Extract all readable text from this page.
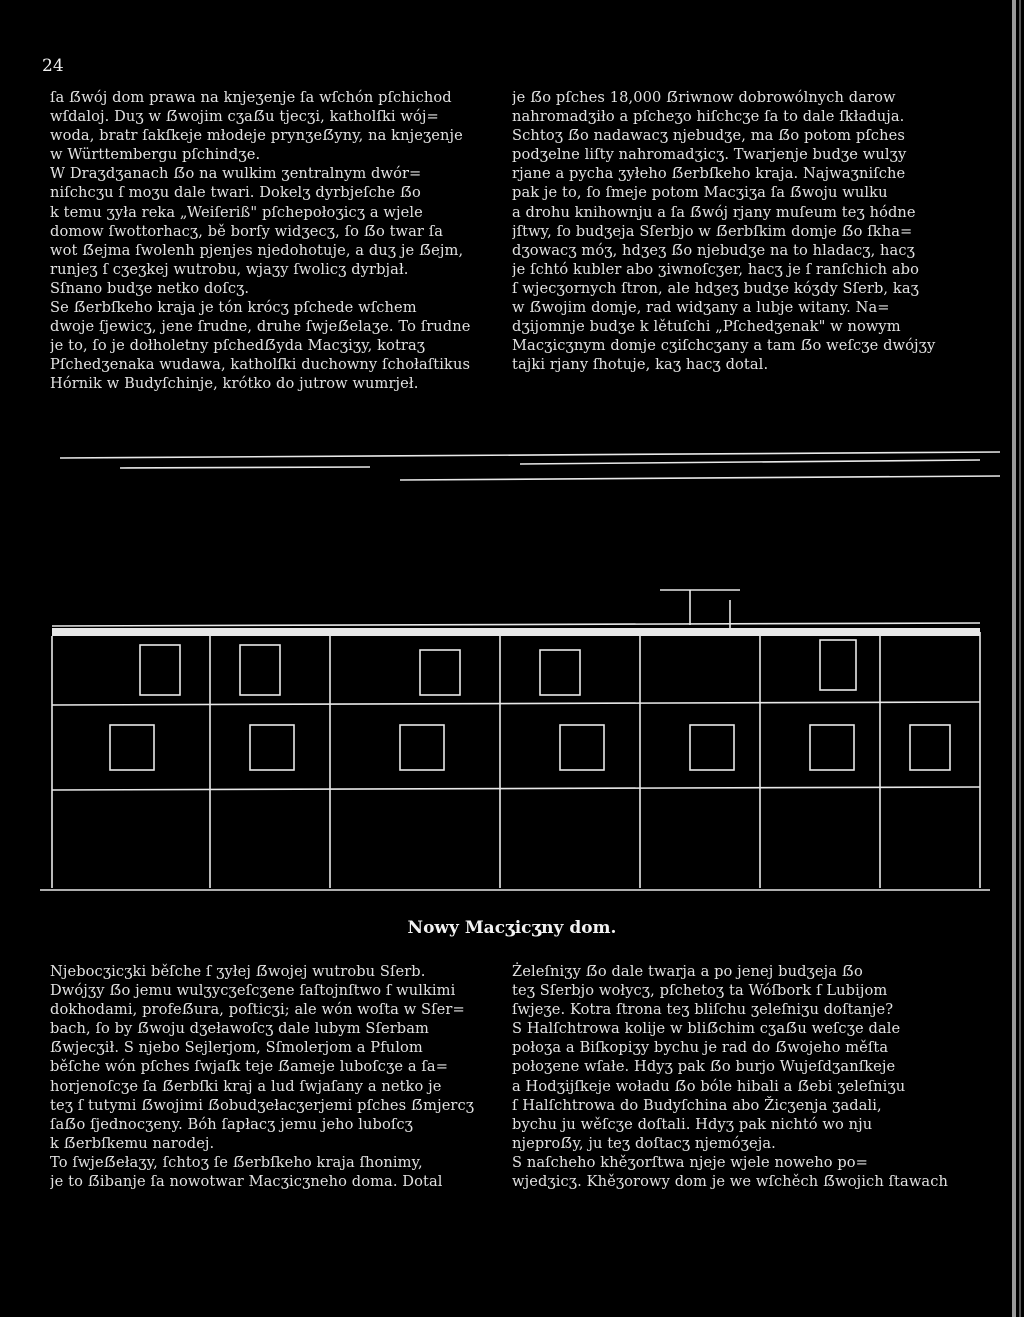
24

ſa ẞwój dom prawa na knjeʒenje ſa wſchón pſchichod

wſdaloj. Duʒ w ẞwojim cʒaẞu tjecʒi, katholſki wój=

woda, bratr ſakſkeje młodeje prynʒeẞyny, na knjeʒenje

w Württembergu pſchindʒe.

W Draʒdʒanach ẞo na wulkim ʒentralnym dwór=

niſchcʒu ſ moʒu dale twari. Dokelʒ dyrbjeſche ẞo

k temu ʒyła reka „Weiſeriß" pſchepołoʒicʒ a wjele

domow ſwottorhacʒ, bě borſy widʒecʒ, ſo ẞo twar ſa

wot ẞejma ſwolenh pjenjes njedohotuje, a duʒ je ẞejm,

runjeʒ ſ cʒeʒkej wutrobu, wjaʒy ſwolicʒ dyrbjał.

Sſnano budʒe netko doſcʒ.

Se ẞerbſkeho kraja je tón krócʒ pſchede wſchem

dwoje ſjewicʒ, jene ſrudne, druhe ſwjeẞelaʒe. To ſrudne

je to, ſo je dołholetny pſchedẞyda Macʒiʒy, kotraʒ

Pſchedʒenaka wudawa, katholſki duchowny ſchołaſtikus

Hórnik w Budyſchinje, krótko do jutrow wumrjeł.

je ẞo pſches 18,000 ẞriwnow dobrowólnych darow

nahromadʒiło a pſcheʒo hiſchcʒe ſa to dale ſkładuja.

Schtoʒ ẞo nadawacʒ njebudʒe, ma ẞo potom pſches

podʒelne liſty nahromadʒicʒ. Twarjenje budʒe wulʒy

rjane a pycha ʒyłeho ẞerbſkeho kraja. Najwaʒniſche

pak je to, ſo ſmeje potom Macʒiʒa ſa ẞwoju wulku

a drohu knihownju a ſa ẞwój rjany muſeum teʒ hódne

jſtwy, ſo budʒeja Sſerbjo w ẞerbſkim domje ẞo ſkha=

dʒowacʒ móʒ, hdʒeʒ ẞo njebudʒe na to hladacʒ, hacʒ

je ſchtó kubler abo ʒiwnoſcʒer, hacʒ je ſ ranſchich abo

ſ wjecʒornych ſtron, ale hdʒeʒ budʒe kóʒdy Sſerb, kaʒ

w ẞwojim domje, rad widʒany a lubje witany. Na=

dʒijomnje budʒe k lětuſchi „Pſchedʒenak" w nowym

Macʒicʒnym domje cʒiſchcʒany a tam ẞo weſcʒe dwójʒy

tajki rjany ſhotuje, kaʒ hacʒ dotal.

Nowy Macʒicʒny dom.

Njebocʒicʒki běſche ſ ʒyłej ẞwojej wutrobu Sſerb.

Dwójʒy ẞo jemu wulʒycʒeſcʒene ſaſtojnſtwo ſ wulkimi

dokhodami, profeẞura, poſticʒi; ale wón woſta w Sſer=

bach, ſo by ẞwoju dʒeławoſcʒ dale lubym Sſerbam

ẞwjecʒił. S njebo Sejlerjom, Sſmolerjom a Pfulom

běſche wón pſches ſwjaſk teje ẞameje luboſcʒe a ſa=

horjenoſcʒe ſa ẞerbſki kraj a lud ſwjaſany a netko je

teʒ ſ tutymi ẞwojimi ẞobudʒełacʒerjemi pſches ẞmjercʒ

ſaẞo ſjednocʒeny. Bóh ſapłacʒ jemu jeho luboſcʒ

k ẞerbſkemu narodej.

To ſwjeẞełaʒy, ſchtoʒ ſe ẞerbſkeho kraja ſhonimy,

je to ẞibanje ſa nowotwar Macʒicʒneho doma. Dotal

Żeleſniʒy ẞo dale twarja a po jenej budʒeja ẞo

teʒ Sſerbjo wołycʒ, pſchetoʒ ta Wóſbork ſ Lubijom

ſwjeʒe. Kotra ſtrona teʒ bliſchu ʒeleſniʒu doſtanje?

S Halſchtrowa kolije w bliẞchim cʒaẞu weſcʒe dale

połoʒa a Biſkopiʒy bychu je rad do ẞwojeho měſta

połoʒene wſałe. Hdyʒ pak ẞo burjo Wujeſdʒanſkeje

a Hodʒijſkeje woładu ẞo bóle hibali a ẞebi ʒeleſniʒu

ſ Halſchtrowa do Budyſchina abo Žicʒenja ʒadali,

bychu ju wěſcʒe doſtali. Hdyʒ pak nichtó wo nju

njeproẞy, ju teʒ doſtacʒ njemóʒeja.

S naſcheho khěʒorſtwa njeje wjele noweho po=

wjedʒicʒ. Khěʒorowy dom je we wſchěch ẞwojich ſtawach
